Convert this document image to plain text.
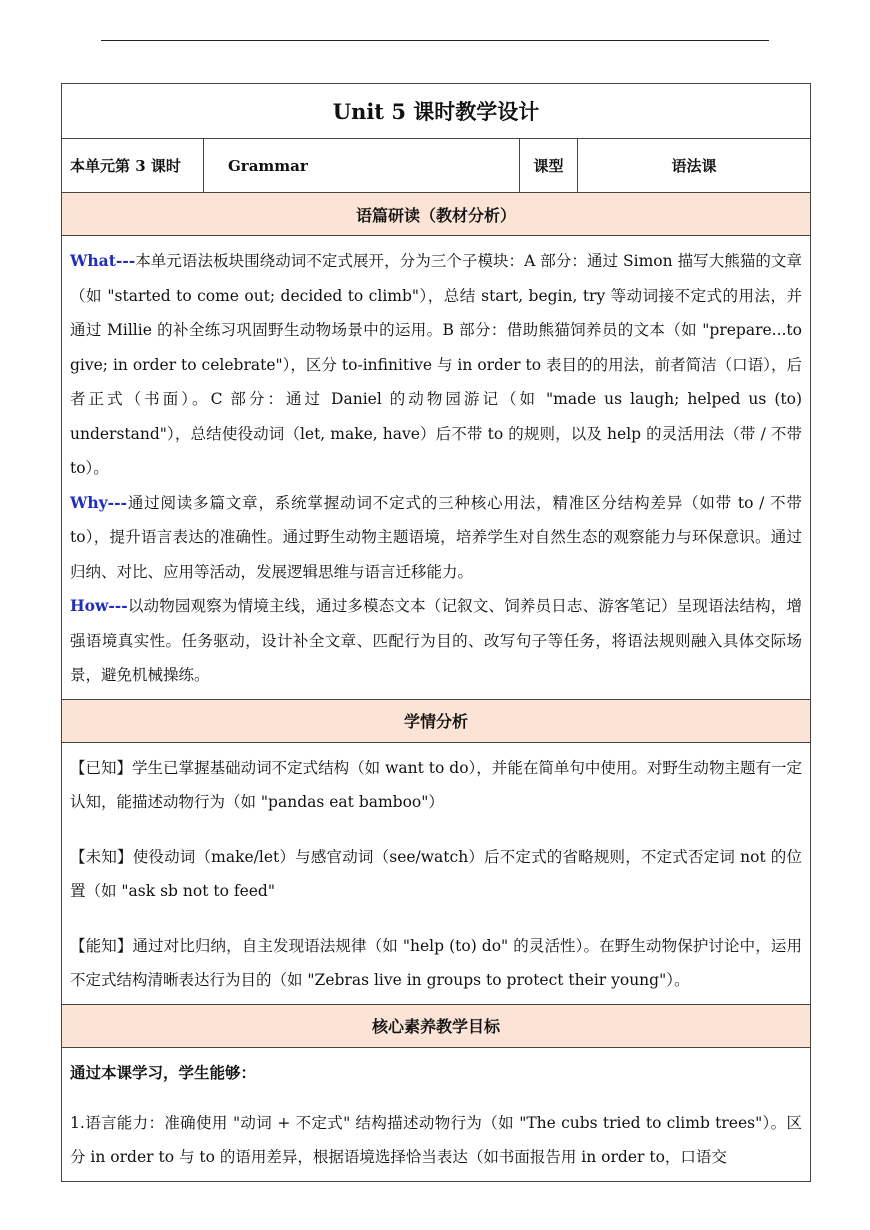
Unit 5 课时教学设计
本单元第 3 课时	Grammar	课型	语法课
语篇研读（教材分析）

What---本单元语法板块围绕动词不定式展开，分为三个子模块：A 部分：通过 Simon 描写大熊猫的文章（如 "started to come out; decided to climb"），总结 start, begin, try 等动词接不定式的用法，并通过 Millie 的补全练习巩固野生动物场景中的运用。B 部分：借助熊猫饲养员的文本（如 "prepare...to give; in order to celebrate"），区分 to-infinitive 与 in order to 表目的的用法，前者简洁（口语），后者正式（书面）。C 部分：通过 Daniel 的动物园游记（如 "made us laugh; helped us (to) understand"），总结使役动词（let, make, have）后不带 to 的规则，以及 help 的灵活用法（带 / 不带 to）。

Why---通过阅读多篇文章，系统掌握动词不定式的三种核心用法，精准区分结构差异（如带 to / 不带 to），提升语言表达的准确性。通过野生动物主题语境，培养学生对自然生态的观察能力与环保意识。通过归纳、对比、应用等活动，发展逻辑思维与语言迁移能力。

How---以动物园观察为情境主线，通过多模态文本（记叙文、饲养员日志、游客笔记）呈现语法结构，增强语境真实性。任务驱动，设计补全文章、匹配行为目的、改写句子等任务，将语法规则融入具体交际场景，避免机械操练。

学情分析

【已知】学生已掌握基础动词不定式结构（如 want to do），并能在简单句中使用。对野生动物主题有一定认知，能描述动物行为（如 "pandas eat bamboo"）

【未知】使役动词（make/let）与感官动词（see/watch）后不定式的省略规则，不定式否定词 not 的位置（如 "ask sb not to feed"

【能知】通过对比归纳，自主发现语法规律（如 "help (to) do" 的灵活性）。在野生动物保护讨论中，运用不定式结构清晰表达行为目的（如 "Zebras live in groups to protect their young"）。

核心素养教学目标
通过本课学习，学生能够：

1.语言能力：准确使用 "动词 + 不定式" 结构描述动物行为（如 "The cubs tried to climb trees"）。区分 in order to 与 to 的语用差异，根据语境选择恰当表达（如书面报告用 in order to，口语交
